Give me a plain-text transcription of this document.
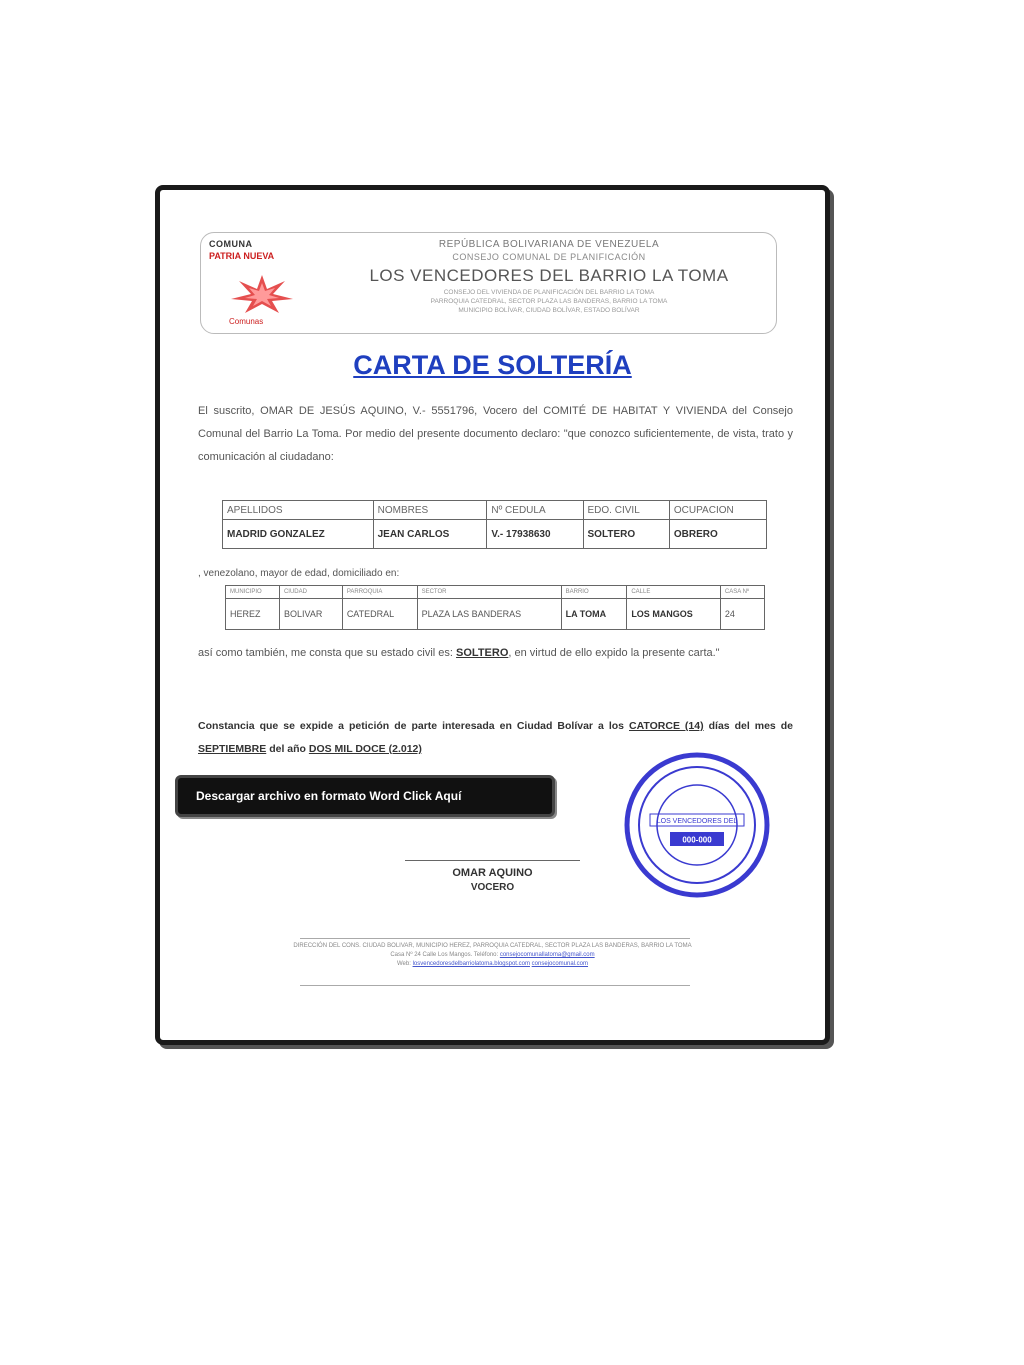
COMUNA
PATRIA NUEVA
Comunas
REPÚBLICA BOLIVARIANA DE VENEZUELA
CONSEJO COMUNAL DE PLANIFICACIÓN
LOS VENCEDORES DEL BARRIO LA TOMA
CONSEJO DEL VIVIENDA DE PLANIFICACIÓN DEL BARRIO LA TOMA
PARROQUIA CATEDRAL, SECTOR PLAZA LAS BANDERAS, BARRIO LA TOMA
MUNICIPIO BOLÍVAR, CIUDAD BOLÍVAR, ESTADO BOLÍVAR
CARTA DE SOLTERÍA
El suscrito, OMAR DE JESÚS AQUINO, V.- 5551796, Vocero del COMITÉ DE HABITAT Y VIVIENDA del Consejo Comunal del Barrio La Toma. Por medio del presente documento declaro: "que conozco suficientemente, de vista, trato y comunicación al ciudadano:
APELLIDOS	NOMBRES	Nº CEDULA	EDO. CIVIL	OCUPACION
MADRID GONZALEZ	JEAN CARLOS	V.- 17938630	SOLTERO	OBRERO
, venezolano, mayor de edad, domiciliado en:
MUNICIPIO	CIUDAD	PARROQUIA	SECTOR	BARRIO	CALLE	CASA Nº
HEREZ	BOLIVAR	CATEDRAL	PLAZA LAS BANDERAS	LA TOMA	LOS MANGOS	24
así como también, me consta que su estado civil es: SOLTERO, en virtud de ello expido la presente carta."
Constancia que se expide a petición de parte interesada en Ciudad Bolívar a los CATORCE (14) días del mes de SEPTIEMBRE del año DOS MIL DOCE (2.012)
Descargar archivo en formato Word Click Aquí
LOS VENCEDORES DEL
000-000
OMAR AQUINO
VOCERO
DIRECCIÓN DEL CONS. CIUDAD BOLIVAR, MUNICIPIO HEREZ, PARROQUIA CATEDRAL, SECTOR PLAZA LAS BANDERAS, BARRIO LA TOMA
Casa Nº 24 Calle Los Mangos. Teléfono: consejocomunallatoma@gmail.com
Web: losvencedoresdelbarriolatoma.blogspot.com consejocomunal.com
